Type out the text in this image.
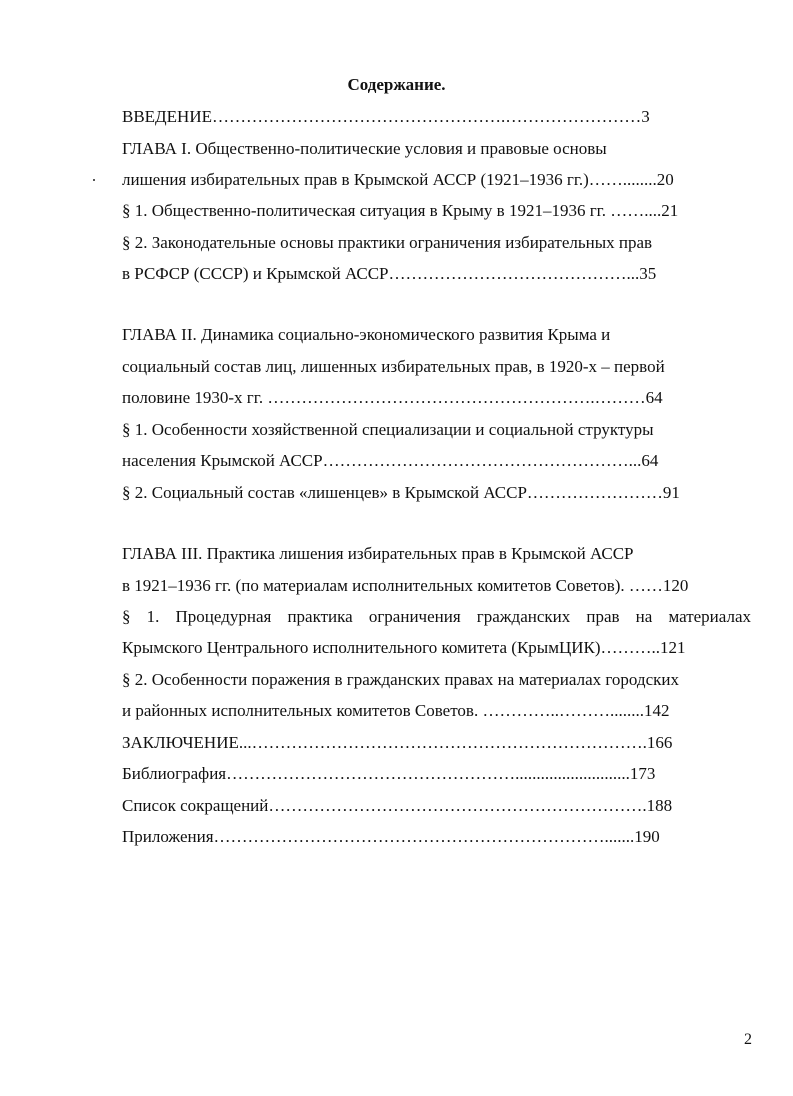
Содержание.
ВВЕДЕНИЕ…………………………………………….……………………3
ГЛАВА I. Общественно-политические условия и правовые основы
лишения избирательных прав в Крымской АССР (1921–1936 гг.)……........20
§ 1. Общественно-политическая ситуация в Крыму в 1921–1936 гг. ……....21
§ 2. Законодательные основы практики ограничения избирательных прав
в РСФСР (СССР) и Крымской АССР……………………………………...35
ГЛАВА II. Динамика социально-экономического развития Крыма и
социальный состав лиц, лишенных избирательных прав, в 1920-х – первой
половине 1930-х гг. ………………………………………………….………64
§ 1. Особенности хозяйственной специализации и социальной структуры
населения Крымской АССР………………………………………………...64
§ 2. Социальный состав «лишенцев» в Крымской АССР……………………91
ГЛАВА III. Практика лишения избирательных прав в Крымской АССР
в 1921–1936 гг. (по материалам исполнительных комитетов Советов). ……120
§ 1. Процедурная практика ограничения гражданских прав на материалах
Крымского Центрального исполнительного комитета (КрымЦИК)………..121
§ 2. Особенности поражения в гражданских правах на материалах городских
и районных исполнительных комитетов Советов. …………..………........142
ЗАКЛЮЧЕНИЕ...…………………………………………………………….166
Библиография……………………………………………...........................173
Список сокращений………………………………………………………….188
Приложения…………………………………………………………….......190
2
